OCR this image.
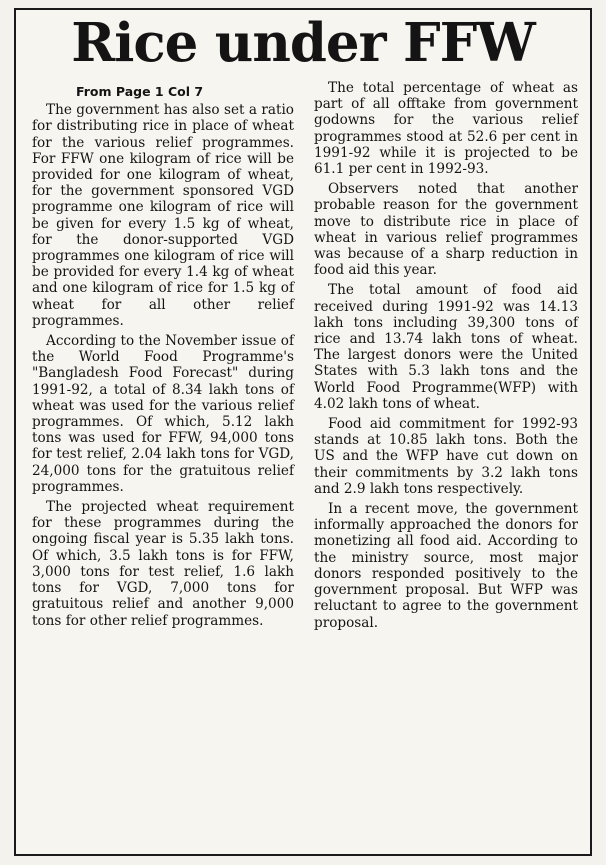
Rice under FFW
From Page 1 Col 7

The government has also set a ratio for distributing rice in place of wheat for the various relief programmes. For FFW one kilogram of rice will be provided for one kilogram of wheat, for the government sponsored VGD programme one kilogram of rice will be given for every 1.5 kg of wheat, for the donor-supported VGD programmes one kilogram of rice will be provided for every 1.4 kg of wheat and one kilogram of rice for 1.5 kg of wheat for all other relief programmes.

According to the November issue of the World Food Programme's "Bangladesh Food Forecast" during 1991-92, a total of 8.34 lakh tons of wheat was used for the various relief programmes. Of which, 5.12 lakh tons was used for FFW, 94,000 tons for test relief, 2.04 lakh tons for VGD, 24,000 tons for the gratuitous relief programmes.

The projected wheat requirement for these programmes during the ongoing fiscal year is 5.35 lakh tons. Of which, 3.5 lakh tons is for FFW, 3,000 tons for test relief, 1.6 lakh tons for VGD, 7,000 tons for gratuitous relief and another 9,000 tons for other relief programmes.

The total percentage of wheat as part of all offtake from government godowns for the various relief programmes stood at 52.6 per cent in 1991-92 while it is projected to be 61.1 per cent in 1992-93.

Observers noted that another probable reason for the government move to distribute rice in place of wheat in various relief programmes was because of a sharp reduction in food aid this year.

The total amount of food aid received during 1991-92 was 14.13 lakh tons including 39,300 tons of rice and 13.74 lakh tons of wheat. The largest donors were the United States with 5.3 lakh tons and the World Food Programme(WFP) with 4.02 lakh tons of wheat.

Food aid commitment for 1992-93 stands at 10.85 lakh tons. Both the US and the WFP have cut down on their commitments by 3.2 lakh tons and 2.9 lakh tons respectively.

In a recent move, the government informally approached the donors for monetizing all food aid. According to the ministry source, most major donors responded positively to the government proposal. But WFP was reluctant to agree to the government proposal.
